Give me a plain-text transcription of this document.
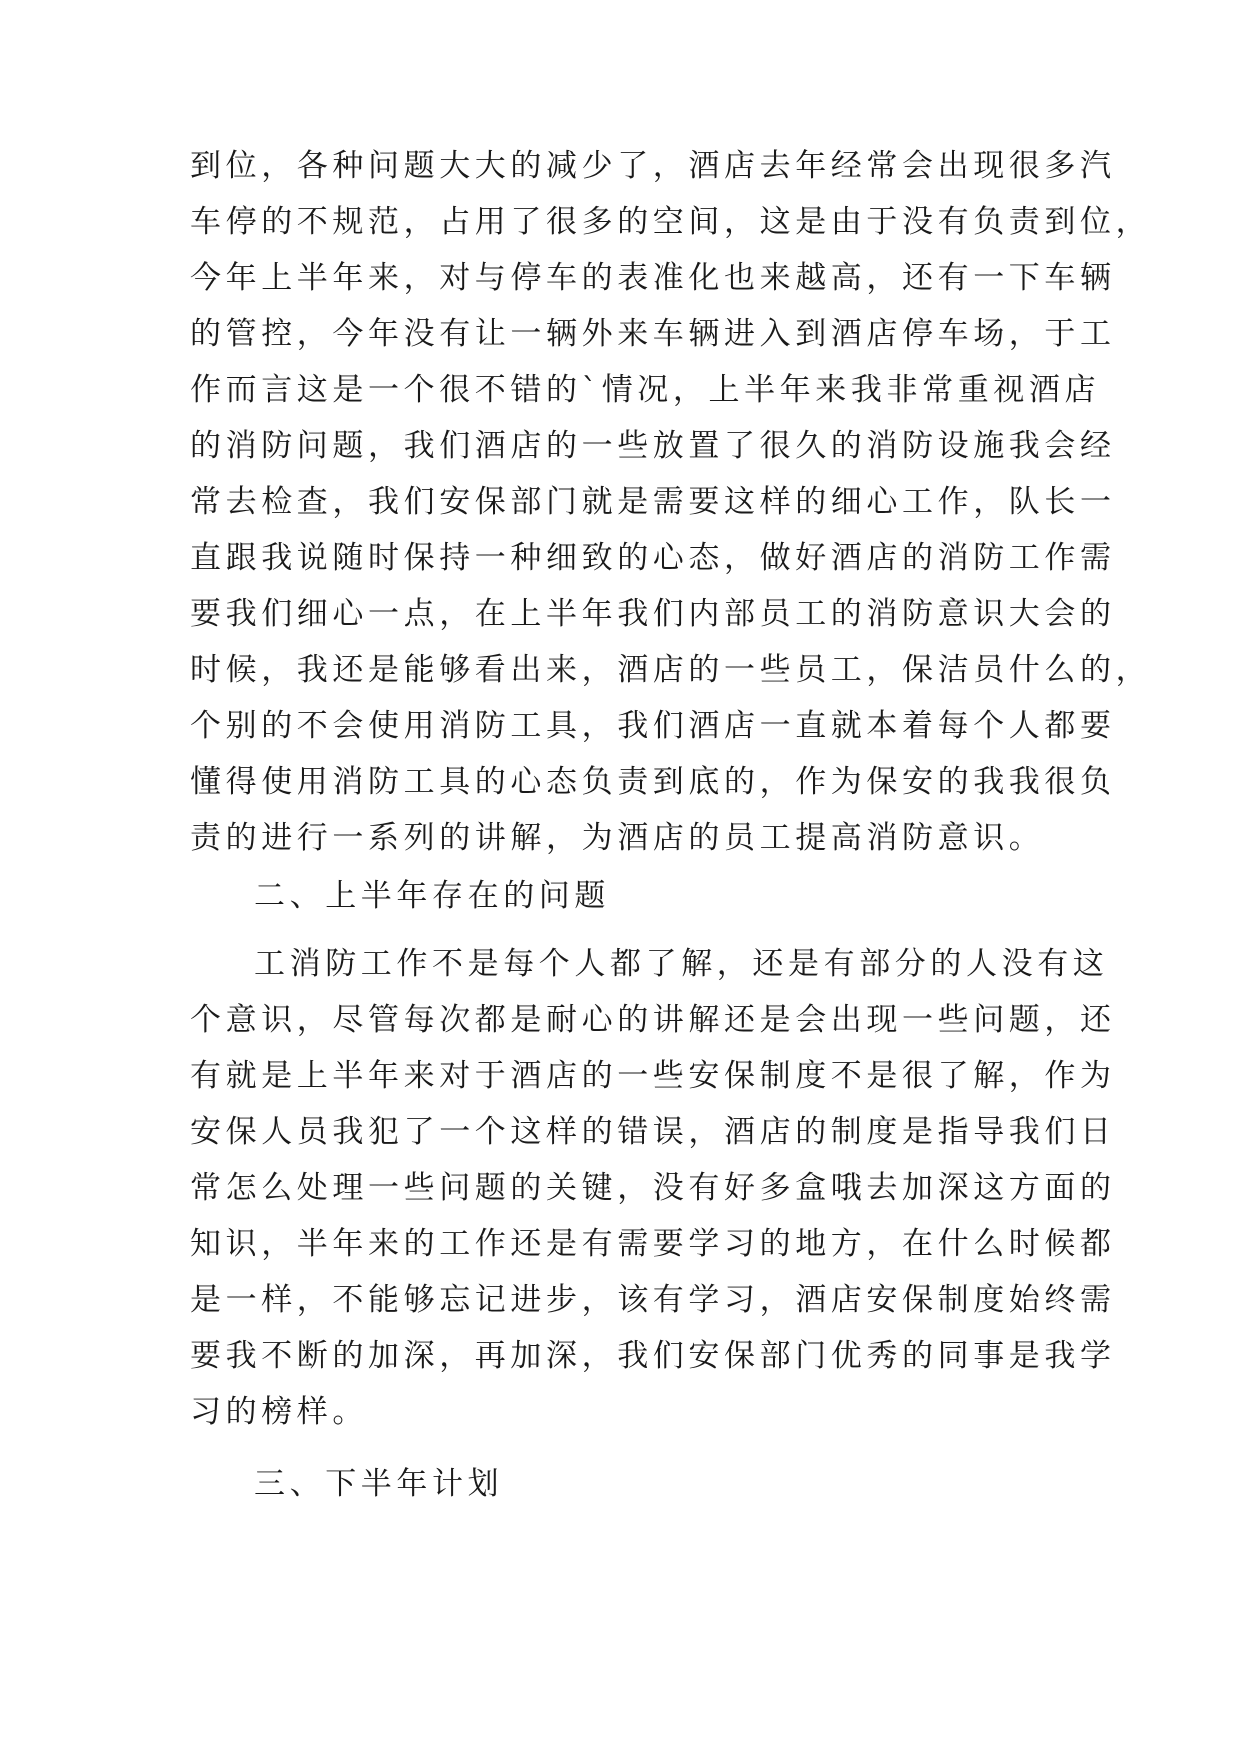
到位，各种问题大大的减少了，酒店去年经常会出现很多汽

车停的不规范，占用了很多的空间，这是由于没有负责到位，

今年上半年来，对与停车的表准化也来越高，还有一下车辆

的管控，今年没有让一辆外来车辆进入到酒店停车场，于工

作而言这是一个很不错的`情况，上半年来我非常重视酒店

的消防问题，我们酒店的一些放置了很久的消防设施我会经

常去检查，我们安保部门就是需要这样的细心工作，队长一

直跟我说随时保持一种细致的心态，做好酒店的消防工作需

要我们细心一点，在上半年我们内部员工的消防意识大会的

时候，我还是能够看出来，酒店的一些员工，保洁员什么的，

个别的不会使用消防工具，我们酒店一直就本着每个人都要

懂得使用消防工具的心态负责到底的，作为保安的我我很负

责的进行一系列的讲解，为酒店的员工提高消防意识。

二、上半年存在的问题

工消防工作不是每个人都了解，还是有部分的人没有这

个意识，尽管每次都是耐心的讲解还是会出现一些问题，还

有就是上半年来对于酒店的一些安保制度不是很了解，作为

安保人员我犯了一个这样的错误，酒店的制度是指导我们日

常怎么处理一些问题的关键，没有好多盒哦去加深这方面的

知识，半年来的工作还是有需要学习的地方，在什么时候都

是一样，不能够忘记进步，该有学习，酒店安保制度始终需

要我不断的加深，再加深，我们安保部门优秀的同事是我学

习的榜样。

三、下半年计划
